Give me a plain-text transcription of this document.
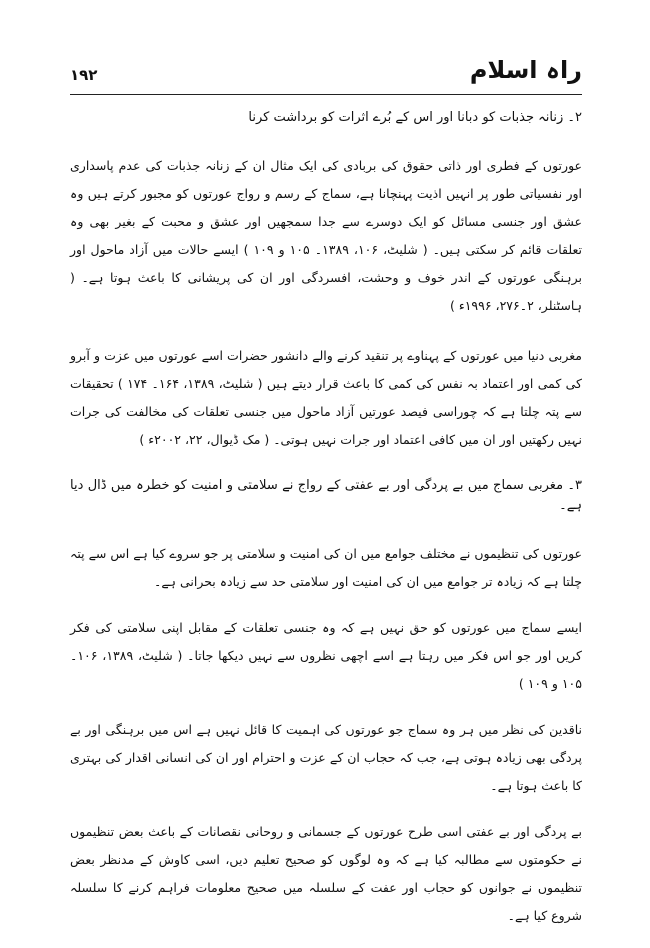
راہ اسلام
۱۹۲
۲۔ زنانہ جذبات کو دبانا اور اس کے بُرے اثرات کو برداشت کرنا

عورتوں کے فطری اور ذاتی حقوق کی بربادی کی ایک مثال ان کے زنانہ جذبات کی عدم پاسداری اور نفسیاتی طور پر انہیں اذیت پہنچانا ہے، سماج کے رسم و رواج عورتوں کو مجبور کرتے ہیں وہ عشق اور جنسی مسائل کو ایک دوسرے سے جدا سمجھیں اور عشق و محبت کے بغیر بھی وہ تعلقات قائم کر سکتی ہیں۔ ( شلیٹ، ۱۰۶، ۱۳۸۹۔ ۱۰۵ و ۱۰۹ ) ایسے حالات میں آزاد ماحول اور برہنگی عورتوں کے اندر خوف و وحشت، افسردگی اور ان کی پریشانی کا باعث ہوتا ہے۔ ( ہاسٹنلر، ۲۔۲۷۶، ۱۹۹۶ء )

مغربی دنیا میں عورتوں کے پہناوے پر تنقید کرنے والے دانشور حضرات اسے عورتوں میں عزت و آبرو کی کمی اور اعتماد بہ نفس کی کمی کا باعث قرار دیتے ہیں ( شلیٹ، ۱۳۸۹، ۱۶۴۔ ۱۷۴ ) تحقیقات سے پتہ چلتا ہے کہ چوراسی فیصد عورتیں آزاد ماحول میں جنسی تعلقات کی مخالفت کی جرات نہیں رکھتیں اور ان میں کافی اعتماد اور جرات نہیں ہوتی۔ ( مک ڈیوال، ۲۲، ۲۰۰۲ء )

۳۔ مغربی سماج میں بے پردگی اور بے عفتی کے رواج نے سلامتی و امنیت کو خطرہ میں ڈال دیا ہے۔

عورتوں کی تنظیموں نے مختلف جوامع میں ان کی امنیت و سلامتی پر جو سروے کیا ہے اس سے پتہ چلتا ہے کہ زیادہ تر جوامع میں ان کی امنیت اور سلامتی حد سے زیادہ بحرانی ہے۔

ایسے سماج میں عورتوں کو حق نہیں ہے کہ وہ جنسی تعلقات کے مقابل اپنی سلامتی کی فکر کریں اور جو اس فکر میں رہتا ہے اسے اچھی نظروں سے نہیں دیکھا جاتا۔ ( شلیٹ، ۱۳۸۹، ۱۰۶۔ ۱۰۵ و ۱۰۹ )

ناقدین کی نظر میں ہر وہ سماج جو عورتوں کی اہمیت کا قائل نہیں ہے اس میں برہنگی اور بے پردگی بھی زیادہ ہوتی ہے، جب کہ حجاب ان کے عزت و احترام اور ان کی انسانی اقدار کی بہتری کا باعث ہوتا ہے۔

بے پردگی اور بے عفتی اسی طرح عورتوں کے جسمانی و روحانی نقصانات کے باعث بعض تنظیموں نے حکومتوں سے مطالبہ کیا ہے کہ وہ لوگوں کو صحیح تعلیم دیں، اسی کاوش کے مدنظر بعض تنظیموں نے جوانوں کو حجاب اور عفت کے سلسلہ میں صحیح معلومات فراہم کرنے کا سلسلہ شروع کیا ہے۔
